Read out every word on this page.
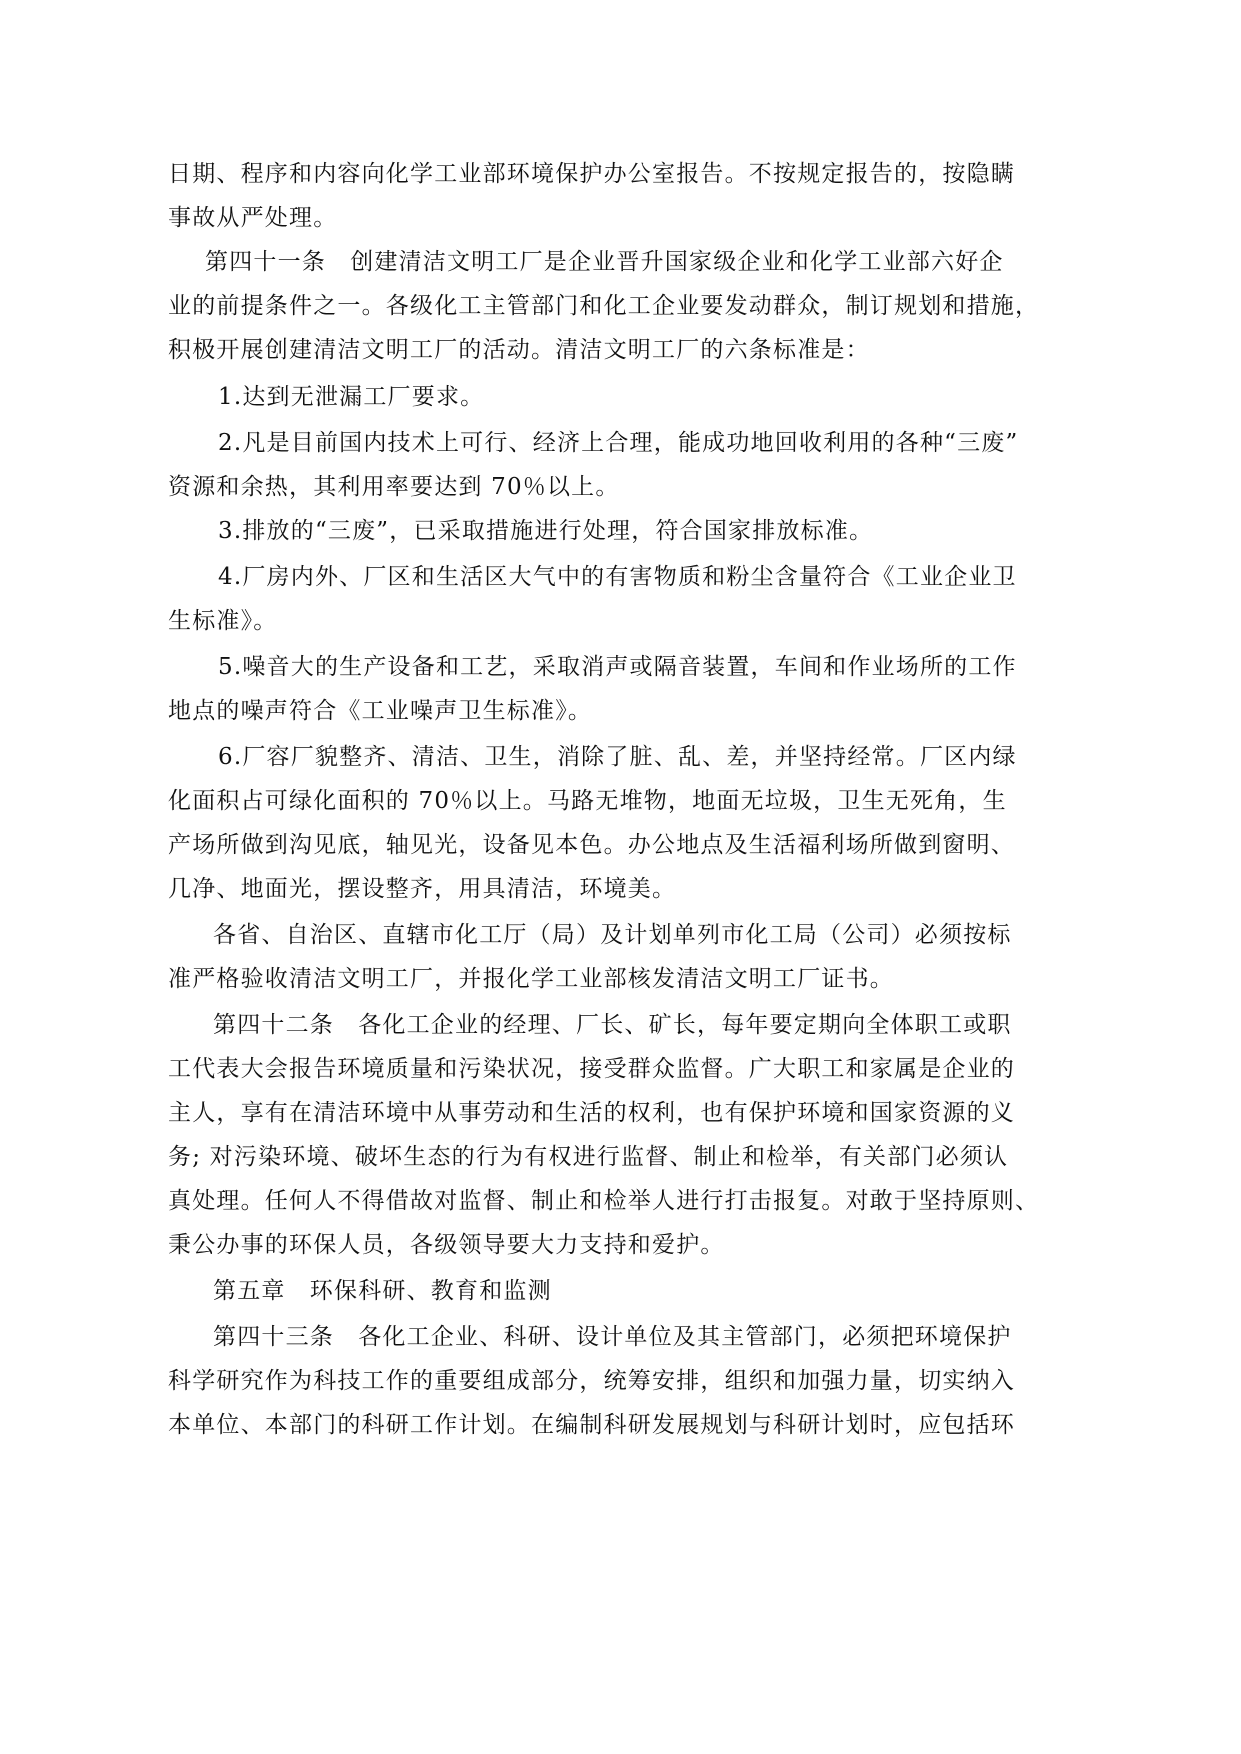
日期、程序和内容向化学工业部环境保护办公室报告。不按规定报告的，按隐瞒
事故从严处理。
第四十一条　创建清洁文明工厂是企业晋升国家级企业和化学工业部六好企
业的前提条件之一。各级化工主管部门和化工企业要发动群众，制订规划和措施，
积极开展创建清洁文明工厂的活动。清洁文明工厂的六条标准是：
1.达到无泄漏工厂要求。
2.凡是目前国内技术上可行、经济上合理，能成功地回收利用的各种“三废”
资源和余热，其利用率要达到 70％以上。
3.排放的“三废”，已采取措施进行处理，符合国家排放标准。
4.厂房内外、厂区和生活区大气中的有害物质和粉尘含量符合《工业企业卫
生标准》。
5.噪音大的生产设备和工艺，采取消声或隔音装置，车间和作业场所的工作
地点的噪声符合《工业噪声卫生标准》。
6.厂容厂貌整齐、清洁、卫生，消除了脏、乱、差，并坚持经常。厂区内绿
化面积占可绿化面积的 70％以上。马路无堆物，地面无垃圾，卫生无死角，生
产场所做到沟见底，轴见光，设备见本色。办公地点及生活福利场所做到窗明、
几净、地面光，摆设整齐，用具清洁，环境美。
各省、自治区、直辖市化工厅（局）及计划单列市化工局（公司）必须按标
准严格验收清洁文明工厂，并报化学工业部核发清洁文明工厂证书。
第四十二条　各化工企业的经理、厂长、矿长，每年要定期向全体职工或职
工代表大会报告环境质量和污染状况，接受群众监督。广大职工和家属是企业的
主人，享有在清洁环境中从事劳动和生活的权利，也有保护环境和国家资源的义
务; 对污染环境、破坏生态的行为有权进行监督、制止和检举，有关部门必须认
真处理。任何人不得借故对监督、制止和检举人进行打击报复。对敢于坚持原则、
秉公办事的环保人员，各级领导要大力支持和爱护。
第五章　环保科研、教育和监测
第四十三条　各化工企业、科研、设计单位及其主管部门，必须把环境保护
科学研究作为科技工作的重要组成部分，统筹安排，组织和加强力量，切实纳入
本单位、本部门的科研工作计划。在编制科研发展规划与科研计划时，应包括环
